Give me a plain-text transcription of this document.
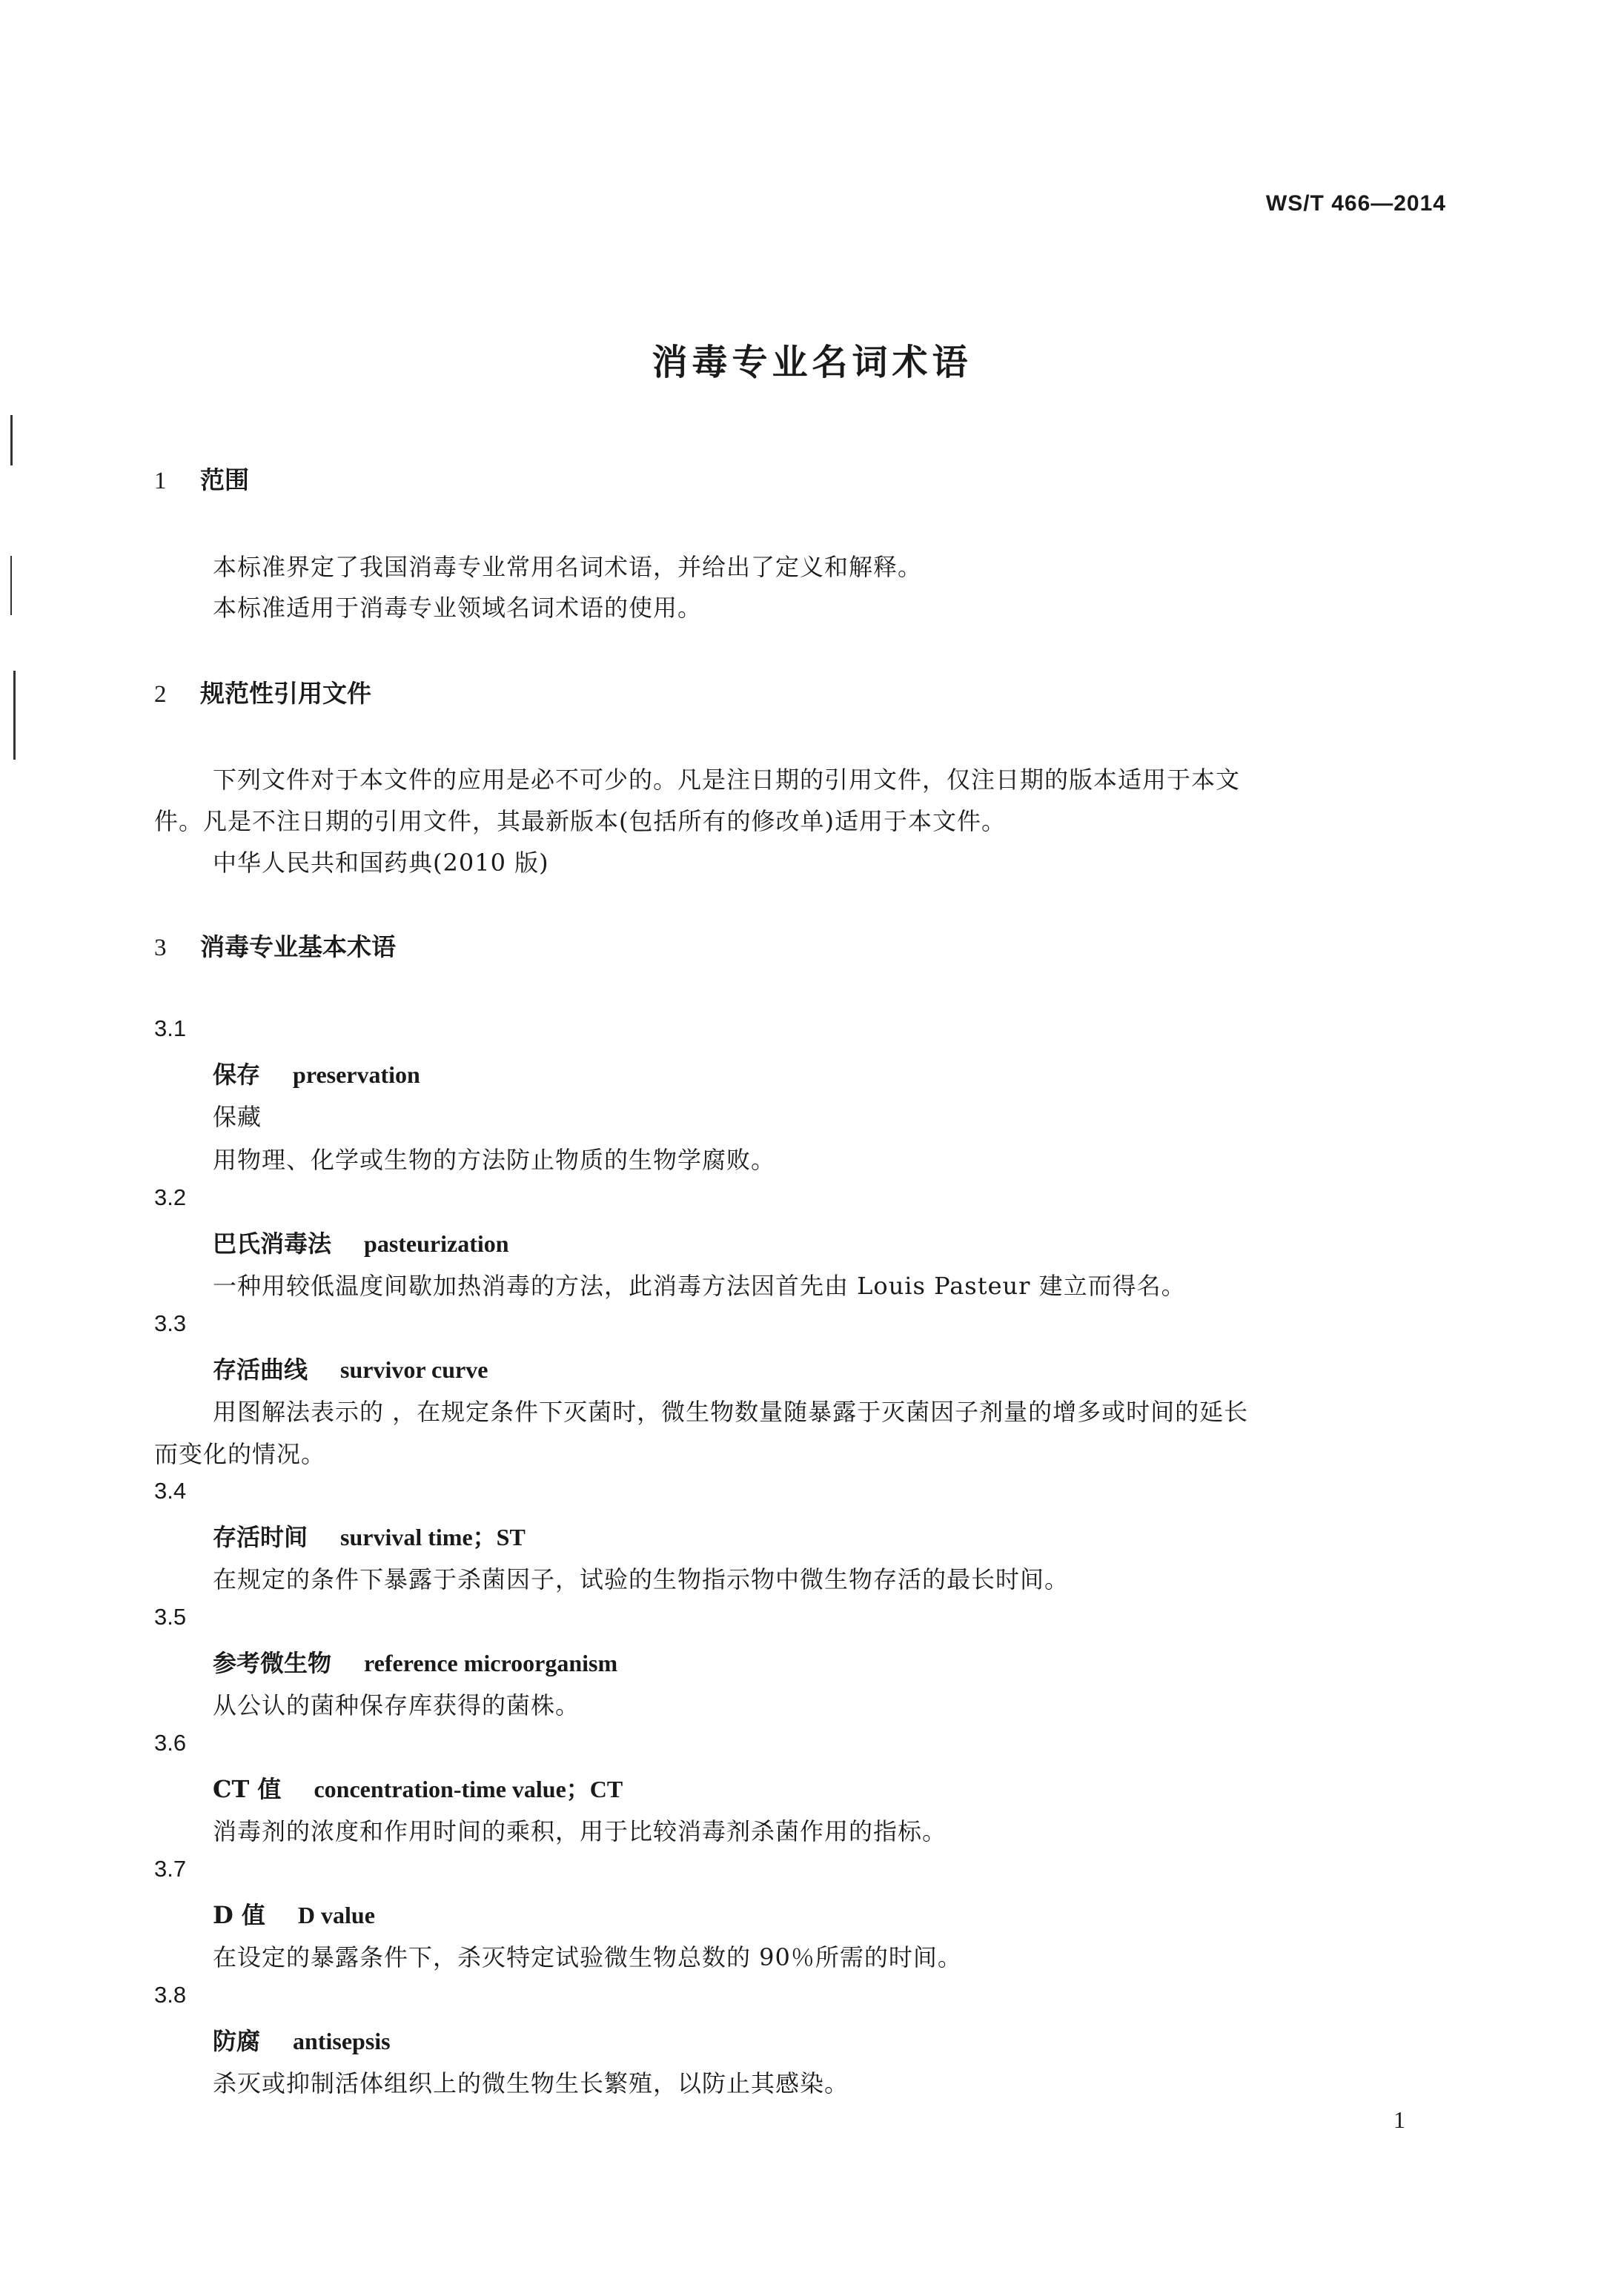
WS/T 466—2014
消毒专业名词术语
1 范围
本标准界定了我国消毒专业常用名词术语，并给出了定义和解释。
本标准适用于消毒专业领域名词术语的使用。
2 规范性引用文件
下列文件对于本文件的应用是必不可少的。凡是注日期的引用文件，仅注日期的版本适用于本文
件。凡是不注日期的引用文件，其最新版本(包括所有的修改单)适用于本文件。
中华人民共和国药典(2010 版)
3 消毒专业基本术语
3.1
保存 preservation
保藏
用物理、化学或生物的方法防止物质的生物学腐败。
3.2
巴氏消毒法 pasteurization
一种用较低温度间歇加热消毒的方法，此消毒方法因首先由 Louis Pasteur 建立而得名。
3.3
存活曲线 survivor curve
用图解法表示的 ，在规定条件下灭菌时，微生物数量随暴露于灭菌因子剂量的增多或时间的延长
而变化的情况。
3.4
存活时间 survival time；ST
在规定的条件下暴露于杀菌因子，试验的生物指示物中微生物存活的最长时间。
3.5
参考微生物 reference microorganism
从公认的菌种保存库获得的菌株。
3.6
CT 值 concentration-time value；CT
消毒剂的浓度和作用时间的乘积，用于比较消毒剂杀菌作用的指标。
3.7
D 值 D value
在设定的暴露条件下，杀灭特定试验微生物总数的 90％所需的时间。
3.8
防腐 antisepsis
杀灭或抑制活体组织上的微生物生长繁殖，以防止其感染。
1
